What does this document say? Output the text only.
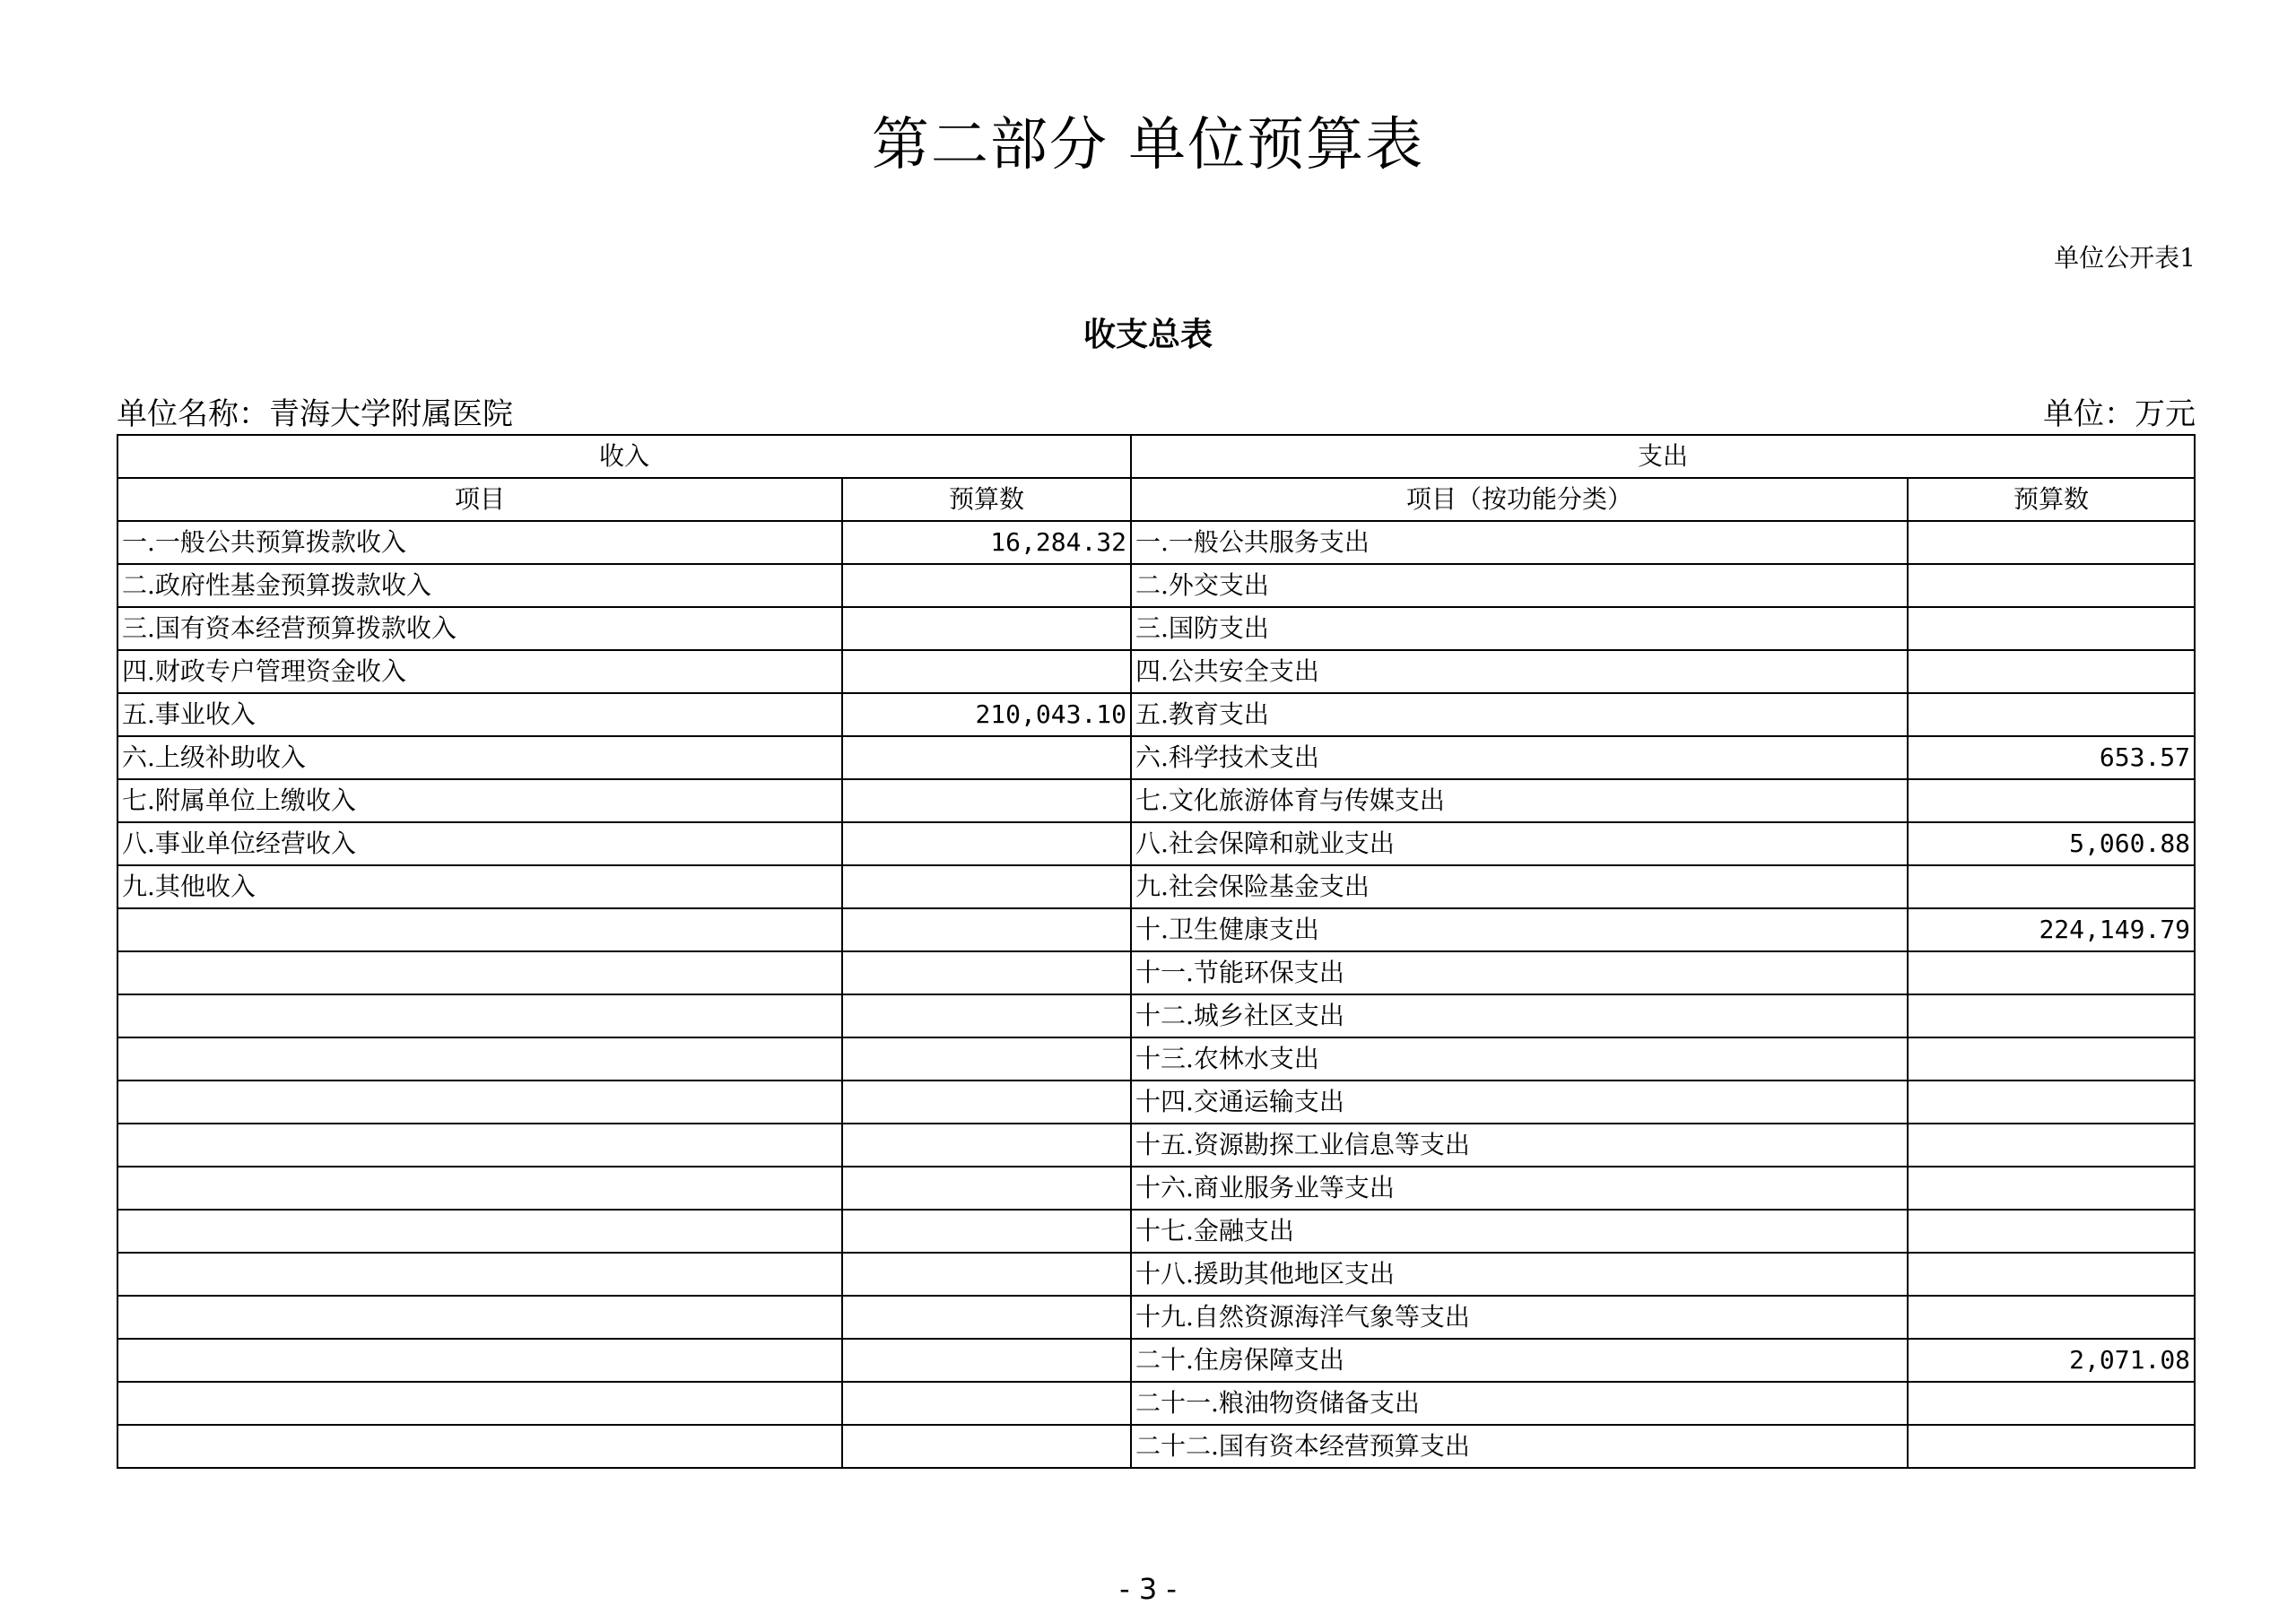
第二部分 单位预算表
单位公开表1
收支总表
单位名称：青海大学附属医院	单位：万元
收入		支出	
项目	预算数	项目（按功能分类）	预算数
一.一般公共预算拨款收入	16,284.32	一.一般公共服务支出	
二.政府性基金预算拨款收入		二.外交支出	
三.国有资本经营预算拨款收入		三.国防支出	
四.财政专户管理资金收入		四.公共安全支出	
五.事业收入	210,043.10	五.教育支出	
六.上级补助收入		六.科学技术支出	653.57
七.附属单位上缴收入		七.文化旅游体育与传媒支出	
八.事业单位经营收入		八.社会保障和就业支出	5,060.88
九.其他收入		九.社会保险基金支出	
		十.卫生健康支出	224,149.79
		十一.节能环保支出	
		十二.城乡社区支出	
		十三.农林水支出	
		十四.交通运输支出	
		十五.资源勘探工业信息等支出	
		十六.商业服务业等支出	
		十七.金融支出	
		十八.援助其他地区支出	
		十九.自然资源海洋气象等支出	
		二十.住房保障支出	2,071.08
		二十一.粮油物资储备支出	
		二十二.国有资本经营预算支出	
- 3 -
